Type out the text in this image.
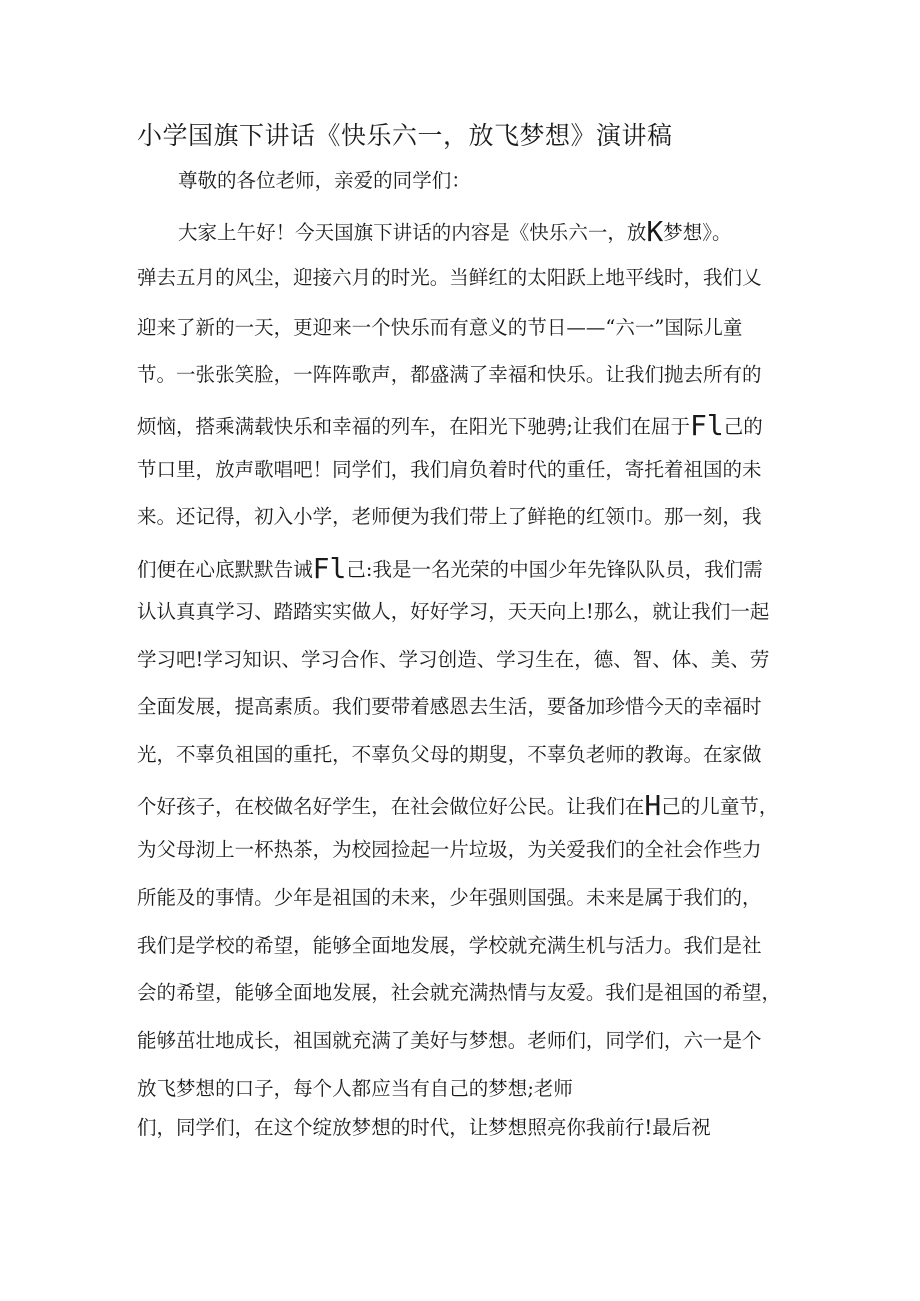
小学国旗下讲话《快乐六一，放飞梦想》演讲稿

尊敬的各位老师，亲爱的同学们：

大家上午好！今天国旗下讲话的内容是《快乐六一，放K梦想》。

弹去五月的风尘，迎接六月的时光。当鲜红的太阳跃上地平线时，我们乂

迎来了新的一天，更迎来一个快乐而有意义的节日——“六一”国际儿童

节。一张张笑脸，一阵阵歌声，都盛满了幸福和快乐。让我们抛去所有的

烦恼，搭乘满载快乐和幸福的列车，在阳光下驰骋;让我们在屈于Fl己的

节口里，放声歌唱吧！同学们，我们肩负着时代的重任，寄托着祖国的未

来。还记得，初入小学，老师便为我们带上了鲜艳的红领巾。那一刻，我

们便在心底默默告诫Fl己:我是一名光荣的中国少年先锋队队员，我们需

认认真真学习、踏踏实实做人，好好学习，天天向上!那么，就让我们一起

学习吧!学习知识、学习合作、学习创造、学习生在，德、智、体、美、劳

全面发展，提高素质。我们要带着感恩去生活，要备加珍惜今天的幸福时

光，不辜负祖国的重托，不辜负父母的期叟，不辜负老师的教诲。在家做

个好孩子，在校做名好学生，在社会做位好公民。让我们在H己的儿童节，

为父母沏上一杯热茶，为校园捡起一片垃圾，为关爱我们的全社会作些力

所能及的事情。少年是祖国的未来，少年强则国强。未来是属于我们的，

我们是学校的希望，能够全面地发展，学校就充满生机与活力。我们是社

会的希望，能够全面地发展，社会就充满热情与友爱。我们是祖国的希望，

能够茁壮地成长，祖国就充满了美好与梦想。老师们，同学们，六一是个

放飞梦想的口子，每个人都应当有自己的梦想;老师

们，同学们，在这个绽放梦想的时代，让梦想照亮你我前行!最后祝
